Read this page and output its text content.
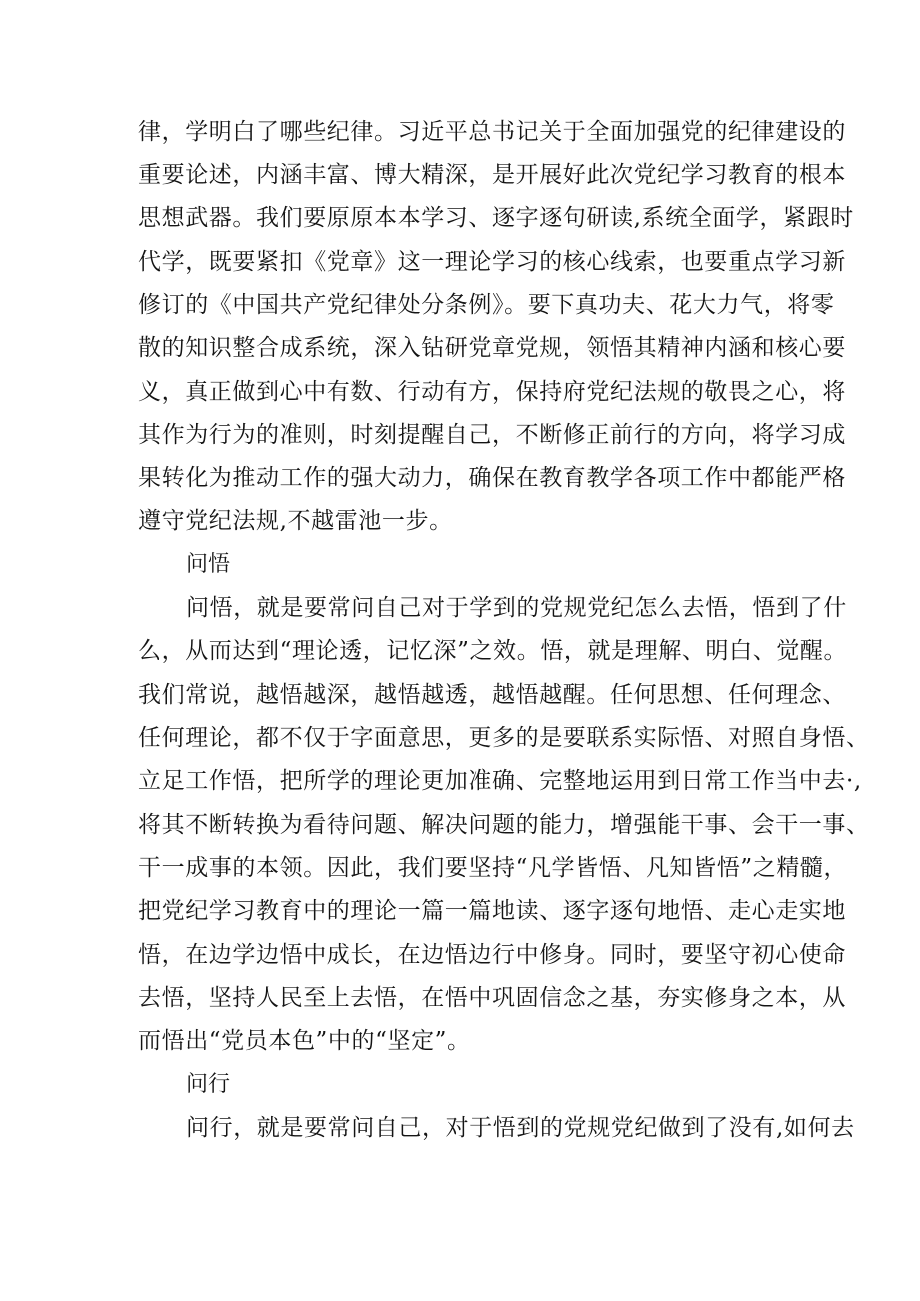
律，学明白了哪些纪律。习近平总书记关于全面加强党的纪律建设的
重要论述，内涵丰富、博大精深，是开展好此次党纪学习教育的根本
思想武器。我们要原原本本学习、逐字逐句研读,系统全面学，紧跟时
代学，既要紧扣《党章》这一理论学习的核心线索，也要重点学习新
修订的《中国共产党纪律处分条例》。要下真功夫、花大力气，将零
散的知识整合成系统，深入钻研党章党规，领悟其精神内涵和核心要
义，真正做到心中有数、行动有方，保持府党纪法规的敬畏之心，将
其作为行为的准则，时刻提醒自己，不断修正前行的方向，将学习成
果转化为推动工作的强大动力，确保在教育教学各项工作中都能严格
遵守党纪法规,不越雷池一步。
问悟
问悟，就是要常问自己对于学到的党规党纪怎么去悟，悟到了什
么，从而达到“理论透，记忆深”之效。悟，就是理解、明白、觉醒。
我们常说，越悟越深，越悟越透，越悟越醒。任何思想、任何理念、
任何理论，都不仅于字面意思，更多的是要联系实际悟、对照自身悟、
立足工作悟，把所学的理论更加准确、完整地运用到日常工作当中去·,
将其不断转换为看待问题、解决问题的能力，增强能干事、会干一事、
干一成事的本领。因此，我们要坚持“凡学皆悟、凡知皆悟”之精髓，
把党纪学习教育中的理论一篇一篇地读、逐字逐句地悟、走心走实地
悟，在边学边悟中成长，在边悟边行中修身。同时，要坚守初心使命
去悟，坚持人民至上去悟，在悟中巩固信念之基，夯实修身之本，从
而悟出“党员本色”中的“坚定”。
问行
问行，就是要常问自己，对于悟到的党规党纪做到了没有,如何去
